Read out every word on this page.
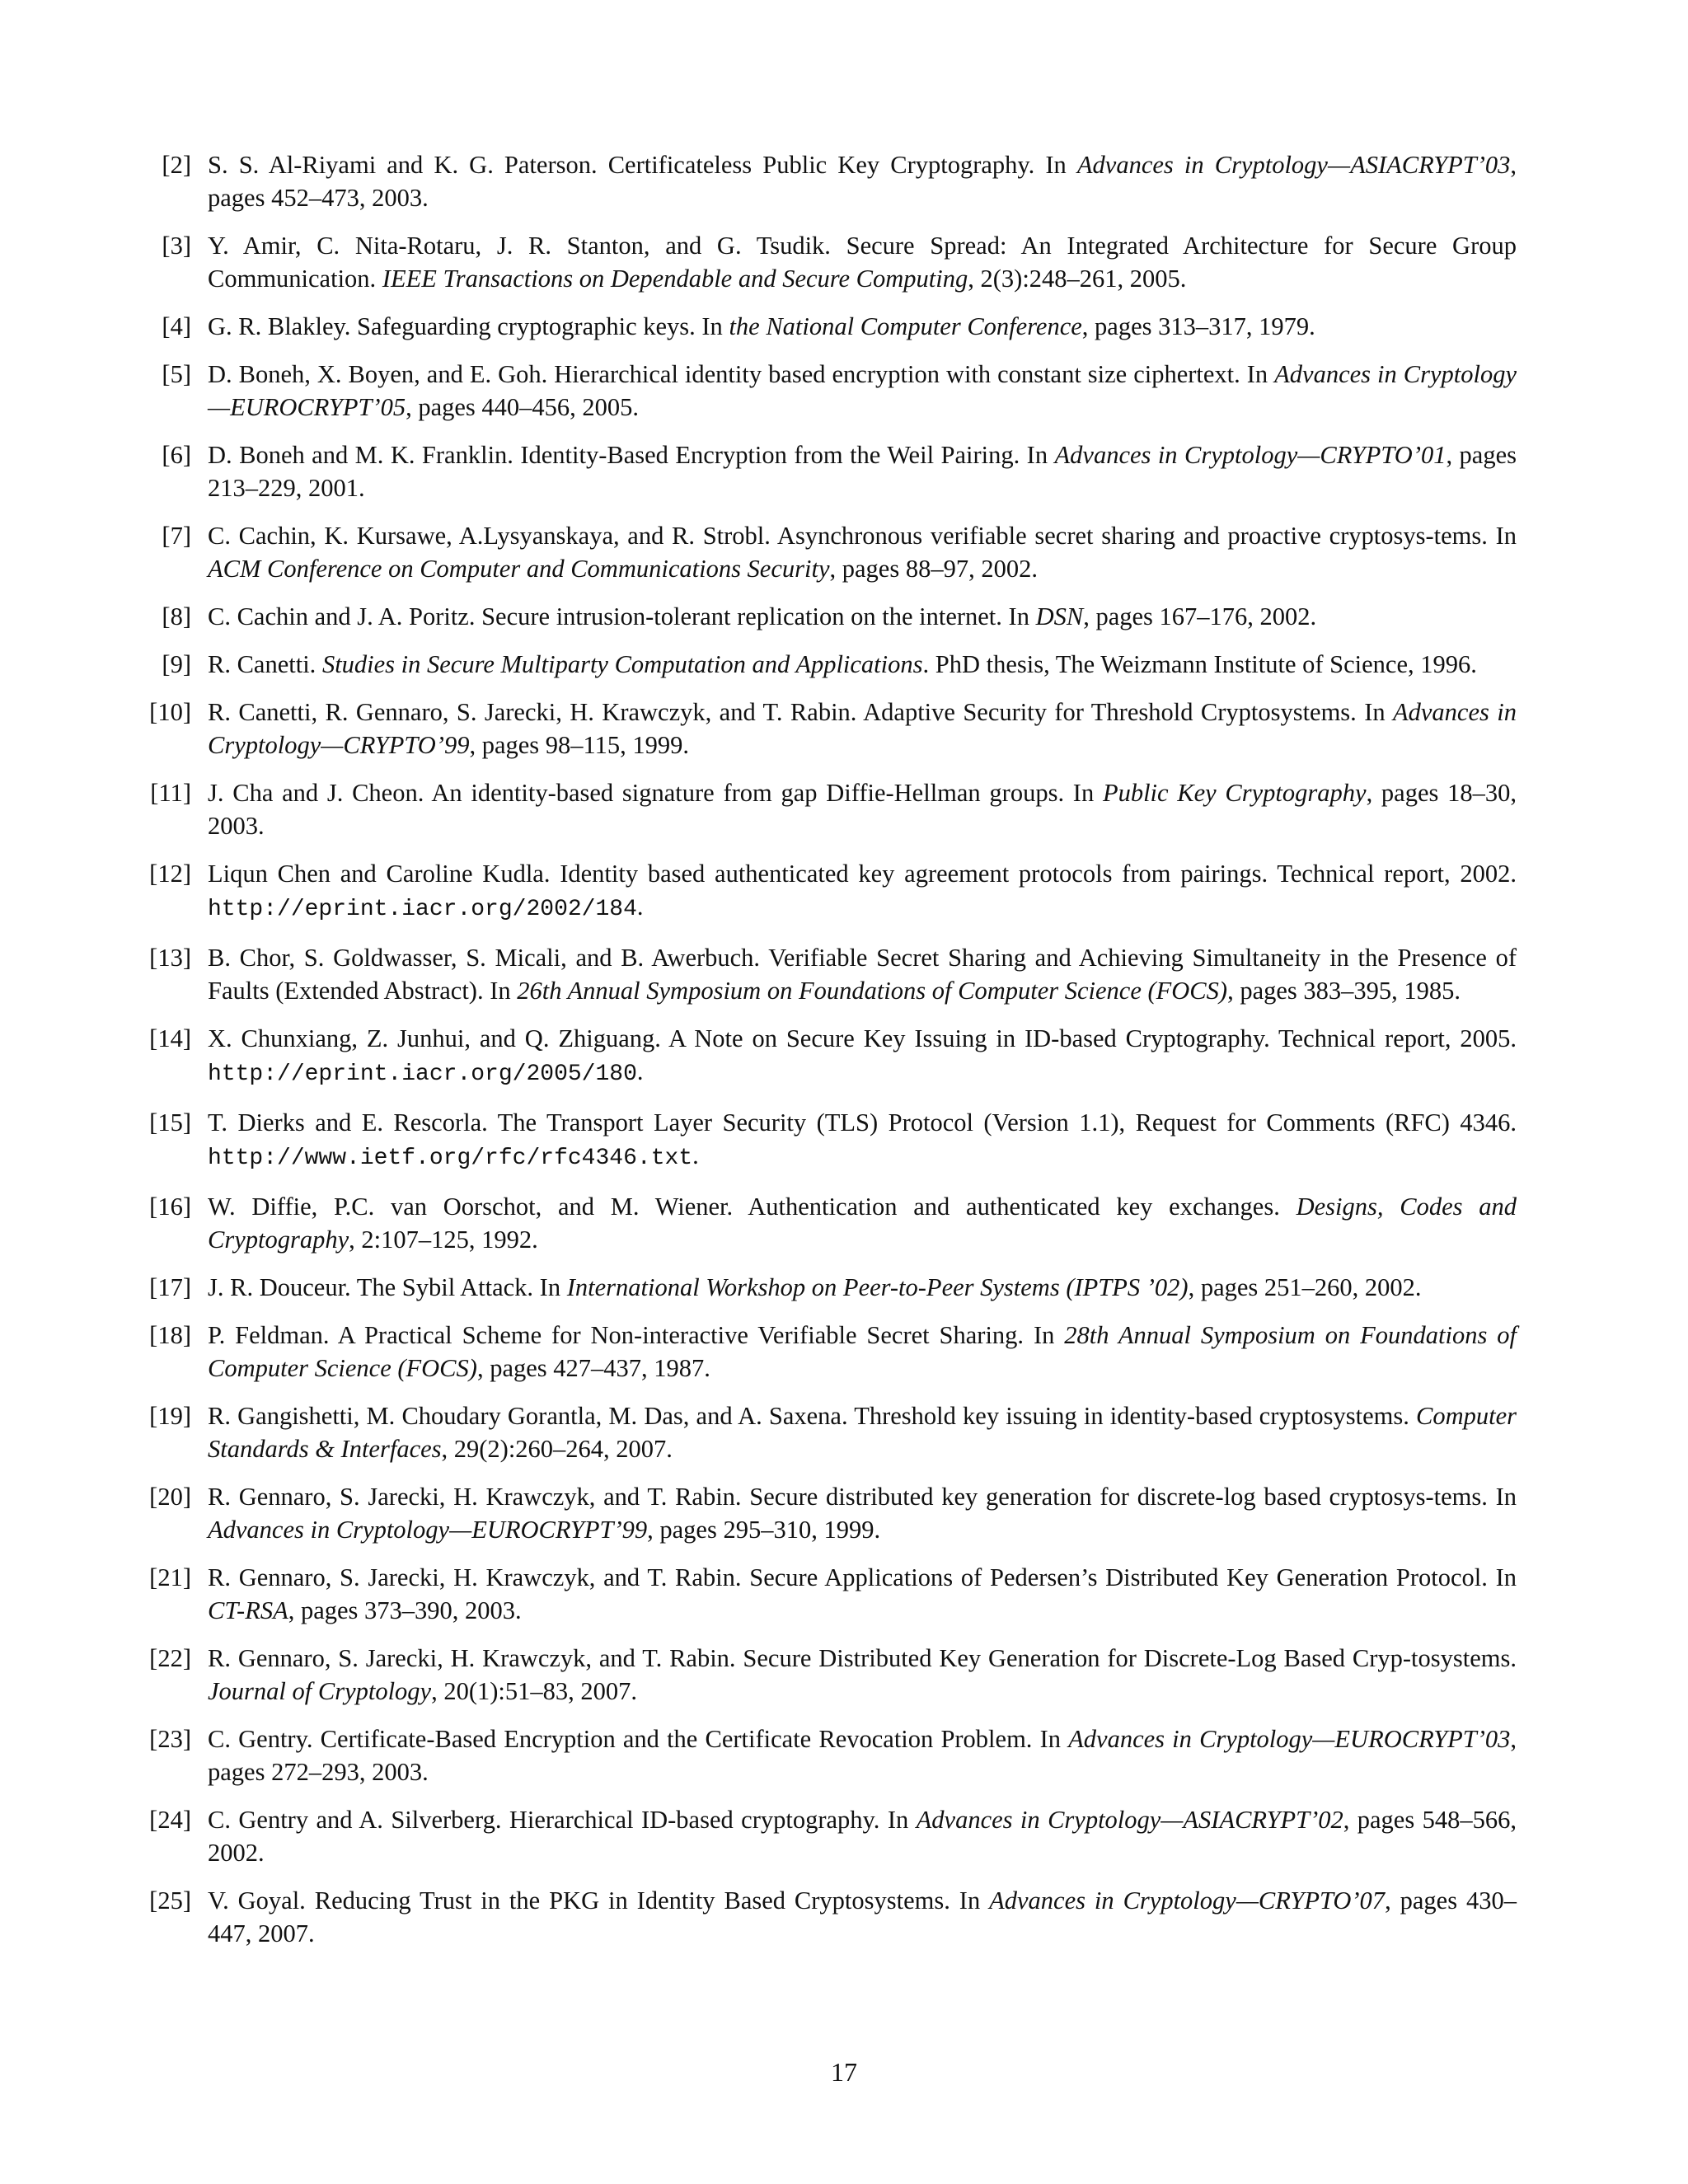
[ 2 ] S. S. Al-Riyami and K. G. Paterson. Certificateless Public Key Cryptography. In Advances in Cryptology—ASIACRYPT’03, pages 452–473, 2003.
[ 3 ] Y. Amir, C. Nita-Rotaru, J. R. Stanton, and G. Tsudik. Secure Spread: An Integrated Architecture for Secure Group Communication. IEEE Transactions on Dependable and Secure Computing, 2(3):248–261, 2005.
[ 4 ] G. R. Blakley. Safeguarding cryptographic keys. In the National Computer Conference, pages 313–317, 1979.
[ 5 ] D. Boneh, X. Boyen, and E. Goh. Hierarchical identity based encryption with constant size ciphertext. In Advances in Cryptology—EUROCRYPT’05, pages 440–456, 2005.
[ 6 ] D. Boneh and M. K. Franklin. Identity-Based Encryption from the Weil Pairing. In Advances in Cryptology—CRYPTO’01, pages 213–229, 2001.
[ 7 ] C. Cachin, K. Kursawe, A.Lysyanskaya, and R. Strobl. Asynchronous verifiable secret sharing and proactive cryptosys-tems. In ACM Conference on Computer and Communications Security, pages 88–97, 2002.
[ 8 ] C. Cachin and J. A. Poritz. Secure intrusion-tolerant replication on the internet. In DSN, pages 167–176, 2002.
[ 9 ] R. Canetti. Studies in Secure Multiparty Computation and Applications. PhD thesis, The Weizmann Institute of Science, 1996.
[ 10 ] R. Canetti, R. Gennaro, S. Jarecki, H. Krawczyk, and T. Rabin. Adaptive Security for Threshold Cryptosystems. In Advances in Cryptology—CRYPTO’99, pages 98–115, 1999.
[ 11 ] J. Cha and J. Cheon. An identity-based signature from gap Diffie-Hellman groups. In Public Key Cryptography, pages 18–30, 2003.
[ 12 ] Liqun Chen and Caroline Kudla. Identity based authenticated key agreement protocols from pairings. Technical report, 2002. http://eprint.iacr.org/2002/184.
[ 13 ] B. Chor, S. Goldwasser, S. Micali, and B. Awerbuch. Verifiable Secret Sharing and Achieving Simultaneity in the Presence of Faults (Extended Abstract). In 26th Annual Symposium on Foundations of Computer Science (FOCS), pages 383–395, 1985.
[ 14 ] X. Chunxiang, Z. Junhui, and Q. Zhiguang. A Note on Secure Key Issuing in ID-based Cryptography. Technical report, 2005. http://eprint.iacr.org/2005/180.
[ 15 ] T. Dierks and E. Rescorla. The Transport Layer Security (TLS) Protocol (Version 1.1), Request for Comments (RFC) 4346. http://www.ietf.org/rfc/rfc4346.txt.
[ 16 ] W. Diffie, P.C. van Oorschot, and M. Wiener. Authentication and authenticated key exchanges. Designs, Codes and Cryptography, 2:107–125, 1992.
[ 17 ] J. R. Douceur. The Sybil Attack. In International Workshop on Peer-to-Peer Systems (IPTPS ’02), pages 251–260, 2002.
[ 18 ] P. Feldman. A Practical Scheme for Non-interactive Verifiable Secret Sharing. In 28th Annual Symposium on Foundations of Computer Science (FOCS), pages 427–437, 1987.
[ 19 ] R. Gangishetti, M. Choudary Gorantla, M. Das, and A. Saxena. Threshold key issuing in identity-based cryptosystems. Computer Standards & Interfaces, 29(2):260–264, 2007.
[ 20 ] R. Gennaro, S. Jarecki, H. Krawczyk, and T. Rabin. Secure distributed key generation for discrete-log based cryptosys-tems. In Advances in Cryptology—EUROCRYPT’99, pages 295–310, 1999.
[ 21 ] R. Gennaro, S. Jarecki, H. Krawczyk, and T. Rabin. Secure Applications of Pedersen’s Distributed Key Generation Protocol. In CT-RSA, pages 373–390, 2003.
[ 22 ] R. Gennaro, S. Jarecki, H. Krawczyk, and T. Rabin. Secure Distributed Key Generation for Discrete-Log Based Cryp-tosystems. Journal of Cryptology, 20(1):51–83, 2007.
[ 23 ] C. Gentry. Certificate-Based Encryption and the Certificate Revocation Problem. In Advances in Cryptology—EUROCRYPT’03, pages 272–293, 2003.
[ 24 ] C. Gentry and A. Silverberg. Hierarchical ID-based cryptography. In Advances in Cryptology—ASIACRYPT’02, pages 548–566, 2002.
[ 25 ] V. Goyal. Reducing Trust in the PKG in Identity Based Cryptosystems. In Advances in Cryptology—CRYPTO’07, pages 430–447, 2007.
17
